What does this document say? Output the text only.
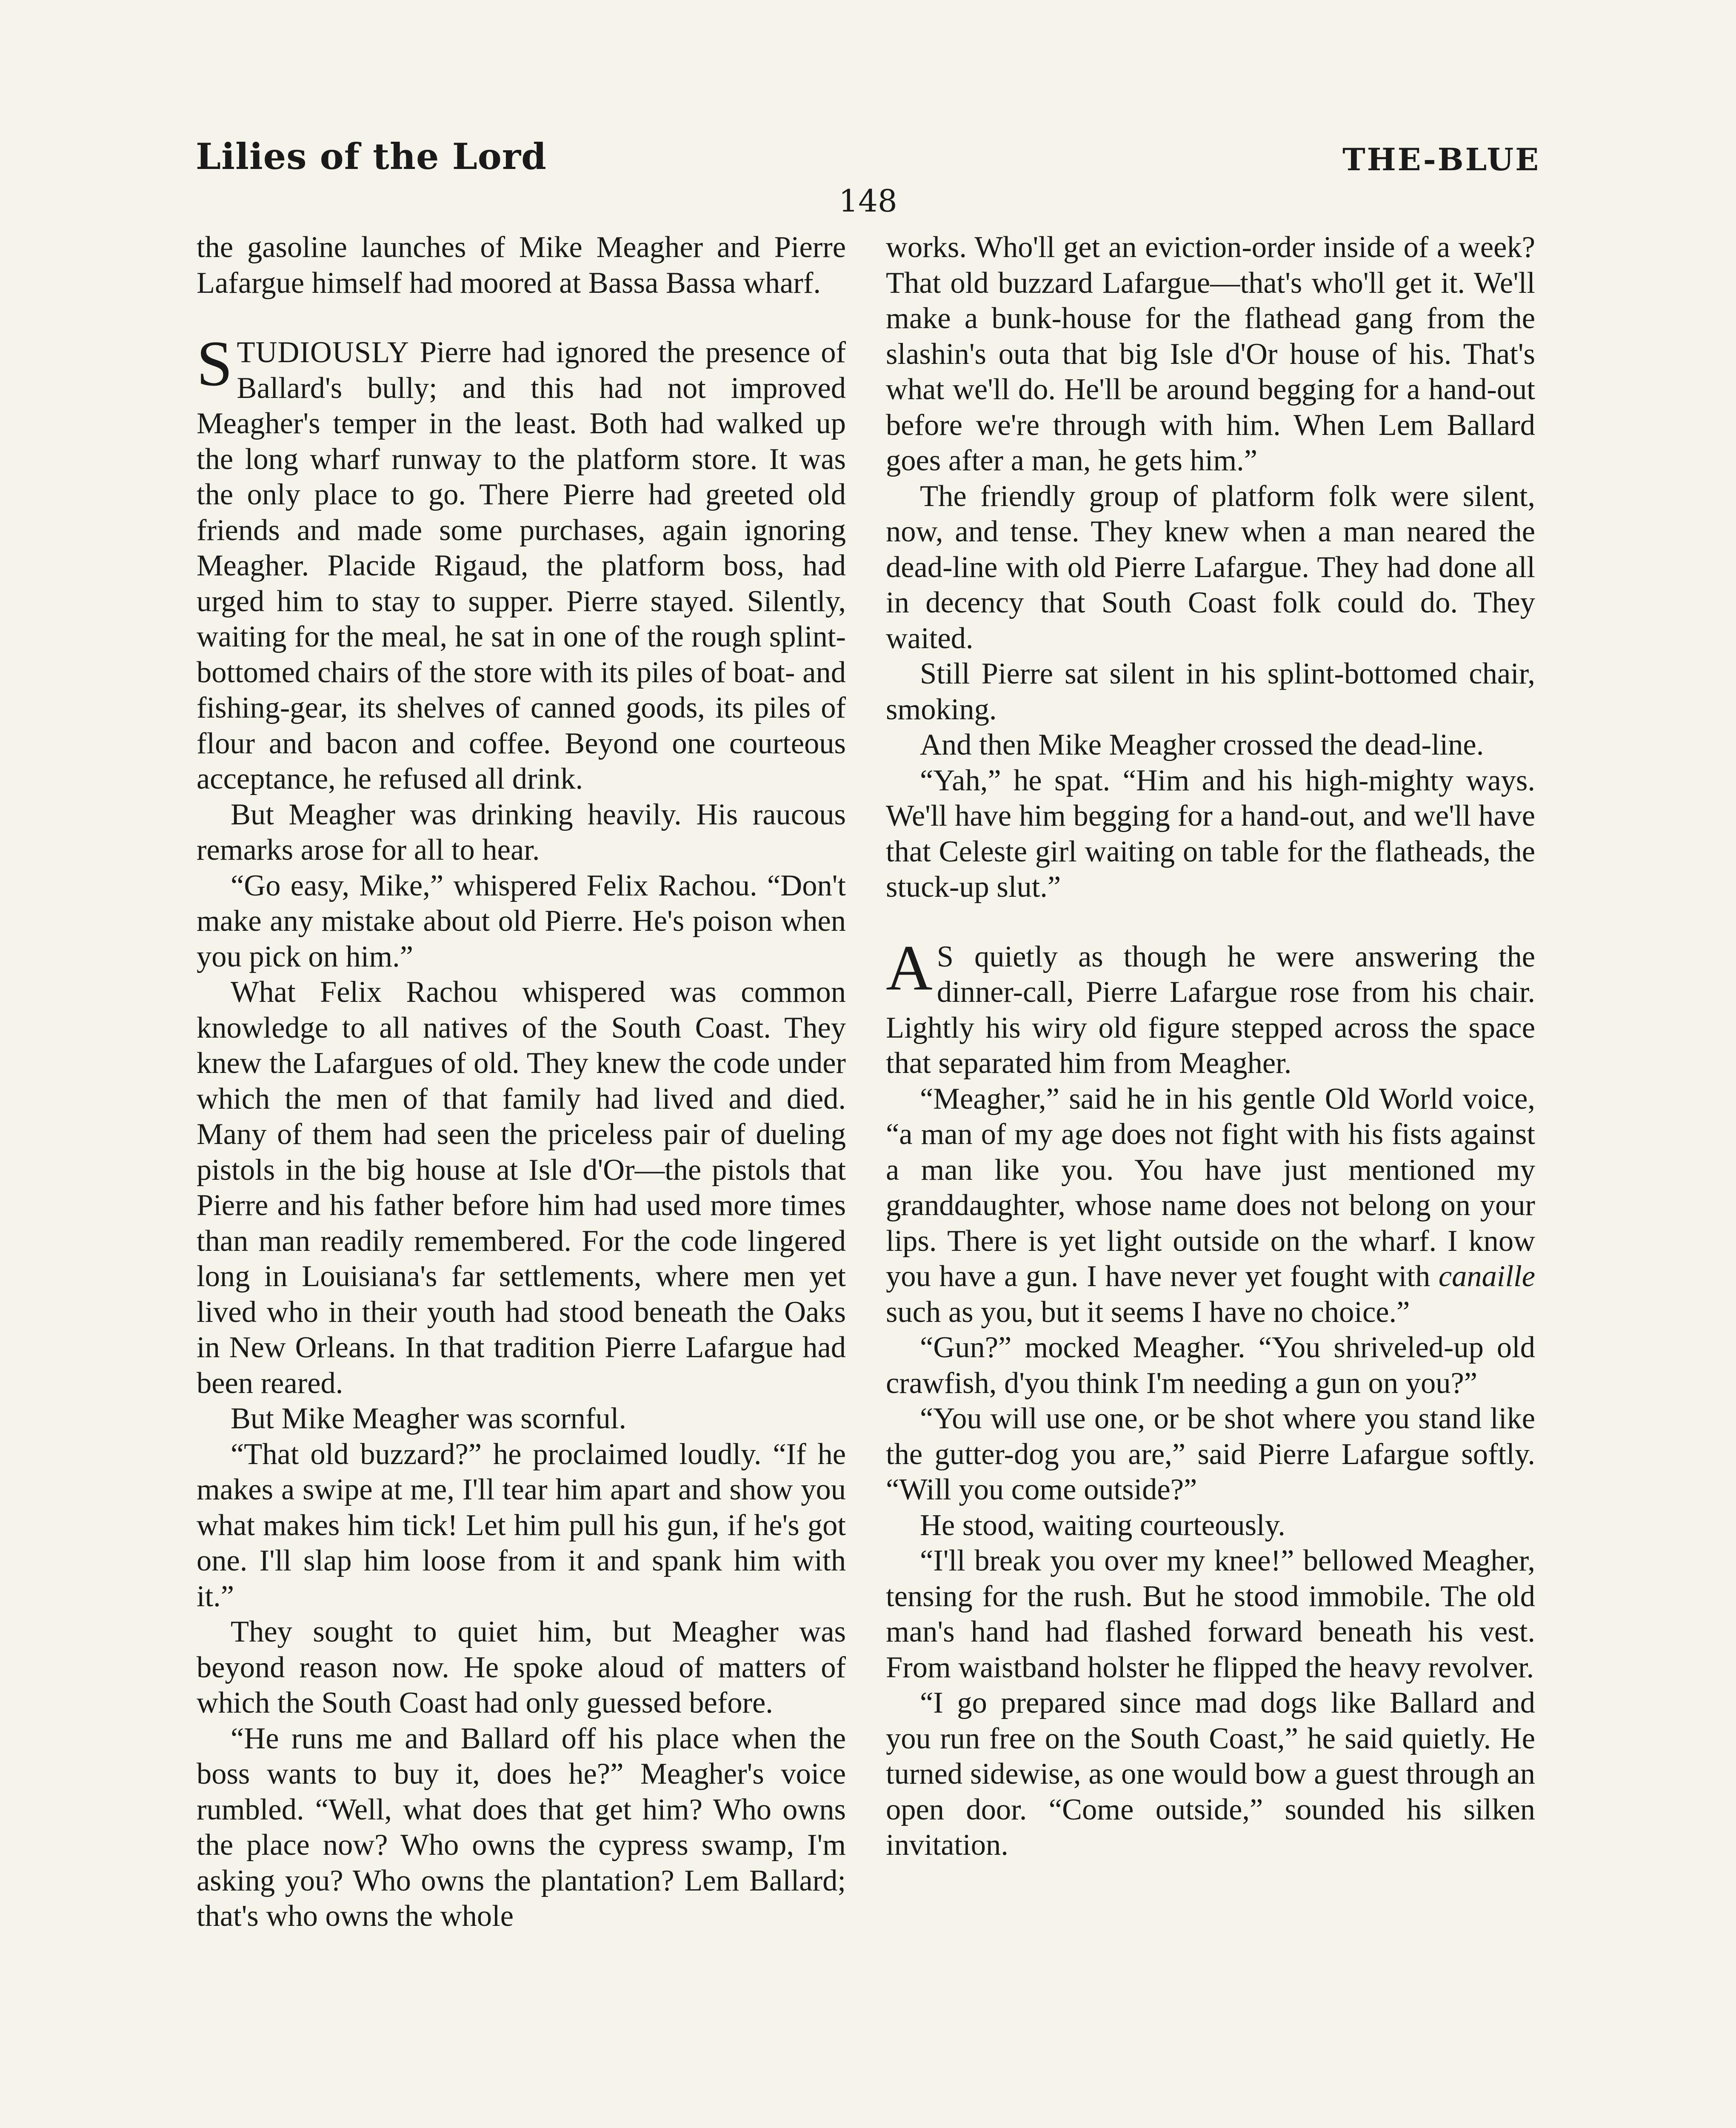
Lilies of the Lord	THE-BLUE
148

the gasoline launches of Mike Meagher and Pierre Lafargue himself had moored at Bassa Bassa wharf.

STUDIOUSLY Pierre had ignored the presence of Ballard's bully; and this had not improved Meagher's temper in the least. Both had walked up the long wharf runway to the platform store. It was the only place to go. There Pierre had greeted old friends and made some purchases, again ignoring Meagher. Placide Rigaud, the platform boss, had urged him to stay to supper. Pierre stayed. Silently, waiting for the meal, he sat in one of the rough splint-bottomed chairs of the store with its piles of boat- and fishing-gear, its shelves of canned goods, its piles of flour and bacon and coffee. Beyond one courteous acceptance, he refused all drink.

But Meagher was drinking heavily. His raucous remarks arose for all to hear.

“Go easy, Mike,” whispered Felix Rachou. “Don't make any mistake about old Pierre. He's poison when you pick on him.”

What Felix Rachou whispered was common knowledge to all natives of the South Coast. They knew the Lafargues of old. They knew the code under which the men of that family had lived and died. Many of them had seen the priceless pair of dueling pistols in the big house at Isle d'Or—the pistols that Pierre and his father before him had used more times than man readily remembered. For the code lingered long in Louisiana's far settlements, where men yet lived who in their youth had stood beneath the Oaks in New Orleans. In that tradition Pierre Lafargue had been reared.

But Mike Meagher was scornful.

“That old buzzard?” he proclaimed loudly. “If he makes a swipe at me, I'll tear him apart and show you what makes him tick! Let him pull his gun, if he's got one. I'll slap him loose from it and spank him with it.”

They sought to quiet him, but Meagher was beyond reason now. He spoke aloud of matters of which the South Coast had only guessed before.

“He runs me and Ballard off his place when the boss wants to buy it, does he?” Meagher's voice rumbled. “Well, what does that get him? Who owns the place now? Who owns the cypress swamp, I'm asking you? Who owns the plantation? Lem Ballard; that's who owns the whole

works. Who'll get an eviction-order inside of a week? That old buzzard Lafargue—that's who'll get it. We'll make a bunk-house for the flathead gang from the slashin's outa that big Isle d'Or house of his. That's what we'll do. He'll be around begging for a hand-out before we're through with him. When Lem Ballard goes after a man, he gets him.”

The friendly group of platform folk were silent, now, and tense. They knew when a man neared the dead-line with old Pierre Lafargue. They had done all in decency that South Coast folk could do. They waited.

Still Pierre sat silent in his splint-bottomed chair, smoking.

And then Mike Meagher crossed the dead-line.

“Yah,” he spat. “Him and his high-mighty ways. We'll have him begging for a hand-out, and we'll have that Celeste girl waiting on table for the flatheads, the stuck-up slut.”

A S quietly as though he were answering the dinner-call, Pierre Lafargue rose from his chair. Lightly his wiry old figure stepped across the space that separated him from Meagher.

“Meagher,” said he in his gentle Old World voice, “a man of my age does not fight with his fists against a man like you. You have just mentioned my granddaughter, whose name does not belong on your lips. There is yet light outside on the wharf. I know you have a gun. I have never yet fought with canaille such as you, but it seems I have no choice.”

“Gun?” mocked Meagher. “You shriveled-up old crawfish, d'you think I'm needing a gun on you?”

“You will use one, or be shot where you stand like the gutter-dog you are,” said Pierre Lafargue softly. “Will you come outside?”

He stood, waiting courteously.

“I'll break you over my knee!” bellowed Meagher, tensing for the rush. But he stood immobile. The old man's hand had flashed forward beneath his vest. From waistband holster he flipped the heavy revolver.

“I go prepared since mad dogs like Ballard and you run free on the South Coast,” he said quietly. He turned sidewise, as one would bow a guest through an open door. “Come outside,” sounded his silken invitation.
